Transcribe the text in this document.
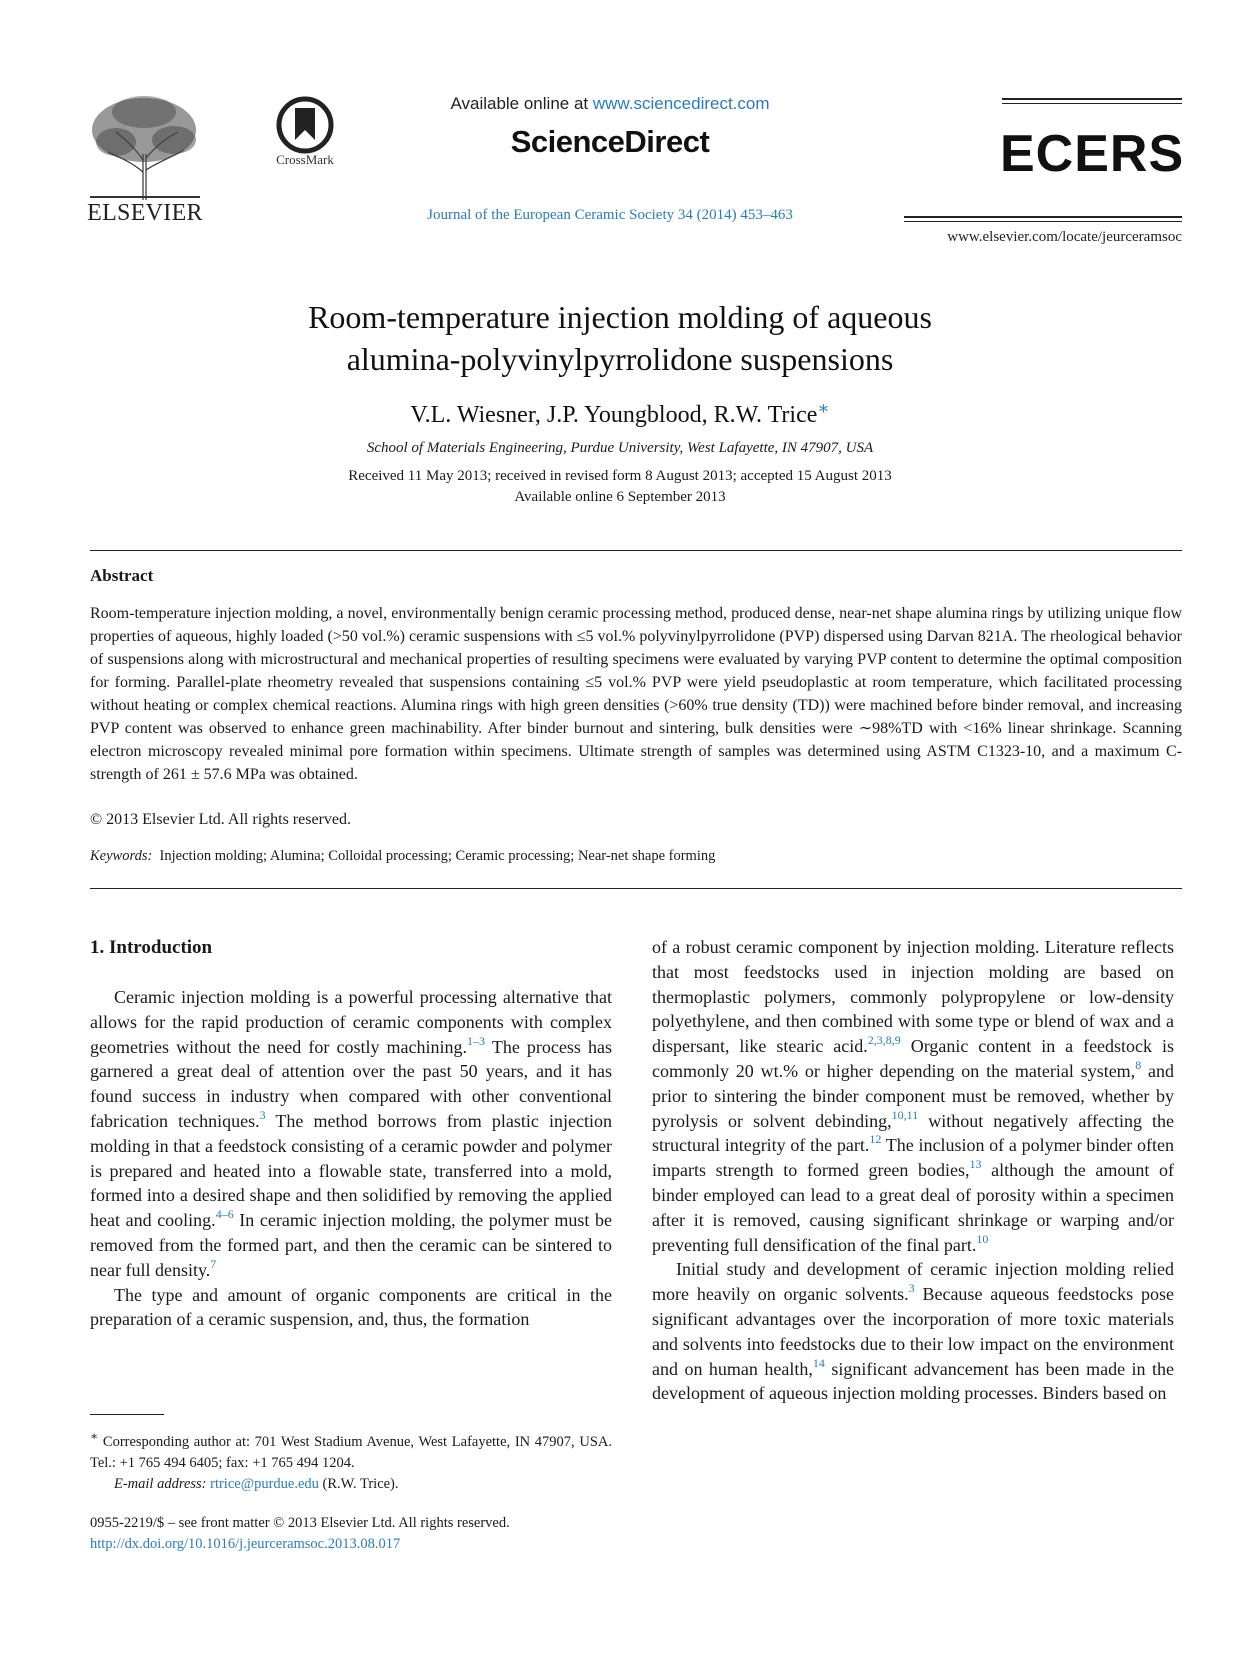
ELSEVIER
CrossMark
Available online at www.sciencedirect.com
ScienceDirect
Journal of the European Ceramic Society 34 (2014) 453–463
ECERS
www.elsevier.com/locate/jeurceramsoc
Room-temperature injection molding of aqueous
alumina-polyvinylpyrrolidone suspensions
V.L. Wiesner, J.P. Youngblood, R.W. Trice∗
School of Materials Engineering, Purdue University, West Lafayette, IN 47907, USA
Received 11 May 2013; received in revised form 8 August 2013; accepted 15 August 2013
Available online 6 September 2013
Abstract
Room-temperature injection molding, a novel, environmentally benign ceramic processing method, produced dense, near-net shape alumina rings by utilizing unique flow properties of aqueous, highly loaded (>50 vol.%) ceramic suspensions with ≤5 vol.% polyvinylpyrrolidone (PVP) dispersed using Darvan 821A. The rheological behavior of suspensions along with microstructural and mechanical properties of resulting specimens were evaluated by varying PVP content to determine the optimal composition for forming. Parallel-plate rheometry revealed that suspensions containing ≤5 vol.% PVP were yield pseudoplastic at room temperature, which facilitated processing without heating or complex chemical reactions. Alumina rings with high green densities (>60% true density (TD)) were machined before binder removal, and increasing PVP content was observed to enhance green machinability. After binder burnout and sintering, bulk densities were ∼98%TD with <16% linear shrinkage. Scanning electron microscopy revealed minimal pore formation within specimens. Ultimate strength of samples was determined using ASTM C1323-10, and a maximum C-strength of 261 ± 57.6 MPa was obtained.
© 2013 Elsevier Ltd. All rights reserved.
Keywords: Injection molding; Alumina; Colloidal processing; Ceramic processing; Near-net shape forming
1. Introduction

Ceramic injection molding is a powerful processing alternative that allows for the rapid production of ceramic components with complex geometries without the need for costly machining.$^{1-3}$ The process has garnered a great deal of attention over the past 50 years, and it has found success in industry when compared with other conventional fabrication techniques.$^3$ The method borrows from plastic injection molding in that a feedstock consisting of a ceramic powder and polymer is prepared and heated into a flowable state, transferred into a mold, formed into a desired shape and then solidified by removing the applied heat and cooling.$^{4-6}$ In ceramic injection molding, the polymer must be removed from the formed part, and then the ceramic can be sintered to near full density.$^7$

The type and amount of organic components are critical in the preparation of a ceramic suspension, and, thus, the formation

of a robust ceramic component by injection molding. Literature reflects that most feedstocks used in injection molding are based on thermoplastic polymers, commonly polypropylene or low-density polyethylene, and then combined with some type or blend of wax and a dispersant, like stearic acid.$^{2,3,8,9}$ Organic content in a feedstock is commonly 20 wt.% or higher depending on the material system,$^8$ and prior to sintering the binder component must be removed, whether by pyrolysis or solvent debinding,$^{10,11}$ without negatively affecting the structural integrity of the part.$^{12}$ The inclusion of a polymer binder often imparts strength to formed green bodies,$^{13}$ although the amount of binder employed can lead to a great deal of porosity within a specimen after it is removed, causing significant shrinkage or warping and/or preventing full densification of the final part.$^{10}$

Initial study and development of ceramic injection molding relied more heavily on organic solvents.$^3$ Because aqueous feedstocks pose significant advantages over the incorporation of more toxic materials and solvents into feedstocks due to their low impact on the environment and on human health,$^{14}$ significant advancement has been made in the development of aqueous injection molding processes. Binders based on

∗ Corresponding author at: 701 West Stadium Avenue, West Lafayette, IN 47907, USA. Tel.: +1 765 494 6405; fax: +1 765 494 1204.
E-mail address: rtrice@purdue.edu (R.W. Trice).
0955-2219/$ – see front matter © 2013 Elsevier Ltd. All rights reserved.
http://dx.doi.org/10.1016/j.jeurceramsoc.2013.08.017
